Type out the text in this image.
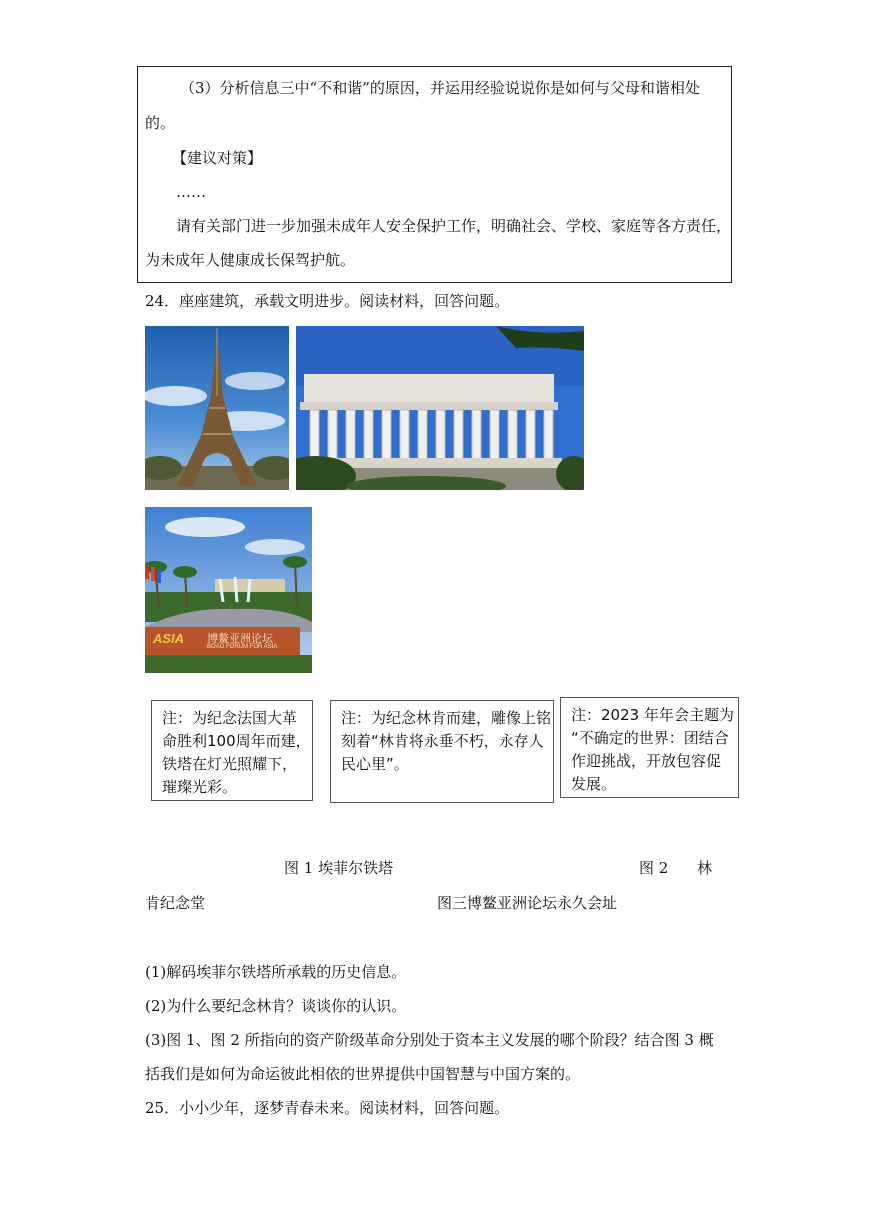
（3）分析信息三中“不和谐”的原因，并运用经验说说你是如何与父母和谐相处
的。
【建议对策】
……
请有关部门进一步加强未成年人安全保护工作，明确社会、学校、家庭等各方责任，
为未成年人健康成长保驾护航。
24．座座建筑，承载文明进步。阅读材料，回答问题。
ASIA 博鳌亚洲论坛
BOAO FORUM FOR ASIA
注：为纪念法国大革
命胜利100周年而建，
铁塔在灯光照耀下，
璀璨光彩。
注：为纪念林肯而建，雕像上铭
刻着“林肯将永垂不朽，永存人
民心里”。
注：2023 年年会主题为
“不确定的世界：团结合
作迎挑战，开放包容促
发展。
图 1 埃菲尔铁塔	图 2 林
肯纪念堂	图三博鳌亚洲论坛永久会址
(1)解码埃菲尔铁塔所承载的历史信息。
(2)为什么要纪念林肯？谈谈你的认识。
(3)图 1、图 2 所指向的资产阶级革命分别处于资本主义发展的哪个阶段？结合图 3 概
括我们是如何为命运彼此相依的世界提供中国智慧与中国方案的。
25．小小少年，逐梦青春未来。阅读材料，回答问题。
